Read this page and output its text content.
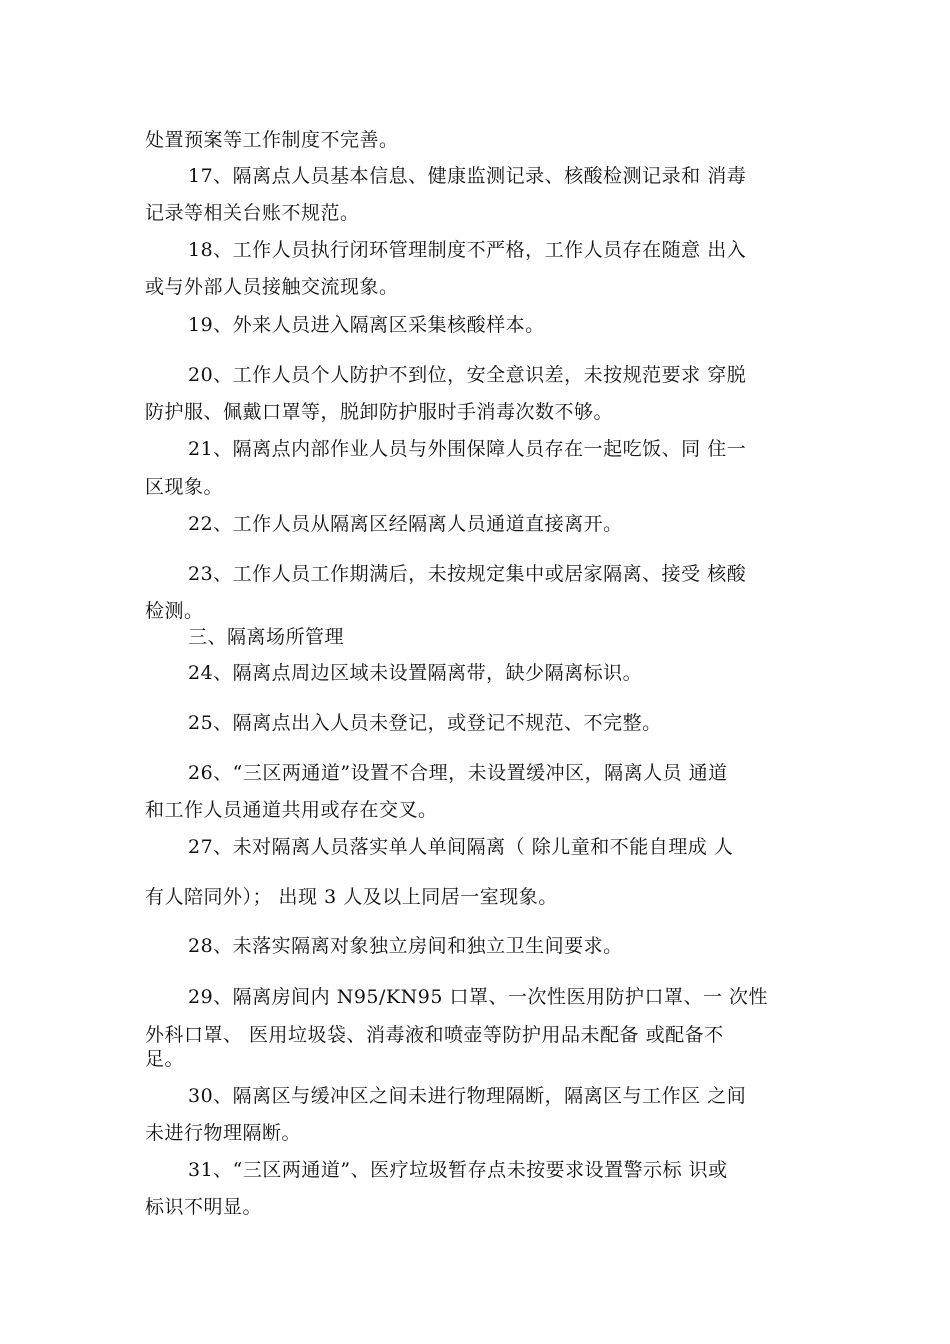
处置预案等工作制度不完善。
17、隔离点人员基本信息、健康监测记录、核酸检测记录和 消毒
记录等相关台账不规范。
18、工作人员执行闭环管理制度不严格，工作人员存在随意 出入
或与外部人员接触交流现象。
19、外来人员进入隔离区采集核酸样本。
20、工作人员个人防护不到位，安全意识差，未按规范要求 穿脱
防护服、佩戴口罩等，脱卸防护服时手消毒次数不够。
21、隔离点内部作业人员与外围保障人员存在一起吃饭、同 住一
区现象。
22、工作人员从隔离区经隔离人员通道直接离开。
23、工作人员工作期满后，未按规定集中或居家隔离、接受 核酸
检测。
三、隔离场所管理
24、隔离点周边区域未设置隔离带，缺少隔离标识。
25、隔离点出入人员未登记，或登记不规范、不完整。
26、“三区两通道”设置不合理，未设置缓冲区，隔离人员 通道
和工作人员通道共用或存在交叉。
27、未对隔离人员落实单人单间隔离（ 除儿童和不能自理成 人
有人陪同外）； 出现 3 人及以上同居一室现象。
28、未落实隔离对象独立房间和独立卫生间要求。
29、隔离房间内 N95/KN95 口罩、一次性医用防护口罩、一 次性
外科口罩、 医用垃圾袋、消毒液和喷壶等防护用品未配备 或配备不
足。
30、隔离区与缓冲区之间未进行物理隔断，隔离区与工作区 之间
未进行物理隔断。
31、“三区两通道”、医疗垃圾暂存点未按要求设置警示标 识或
标识不明显。
